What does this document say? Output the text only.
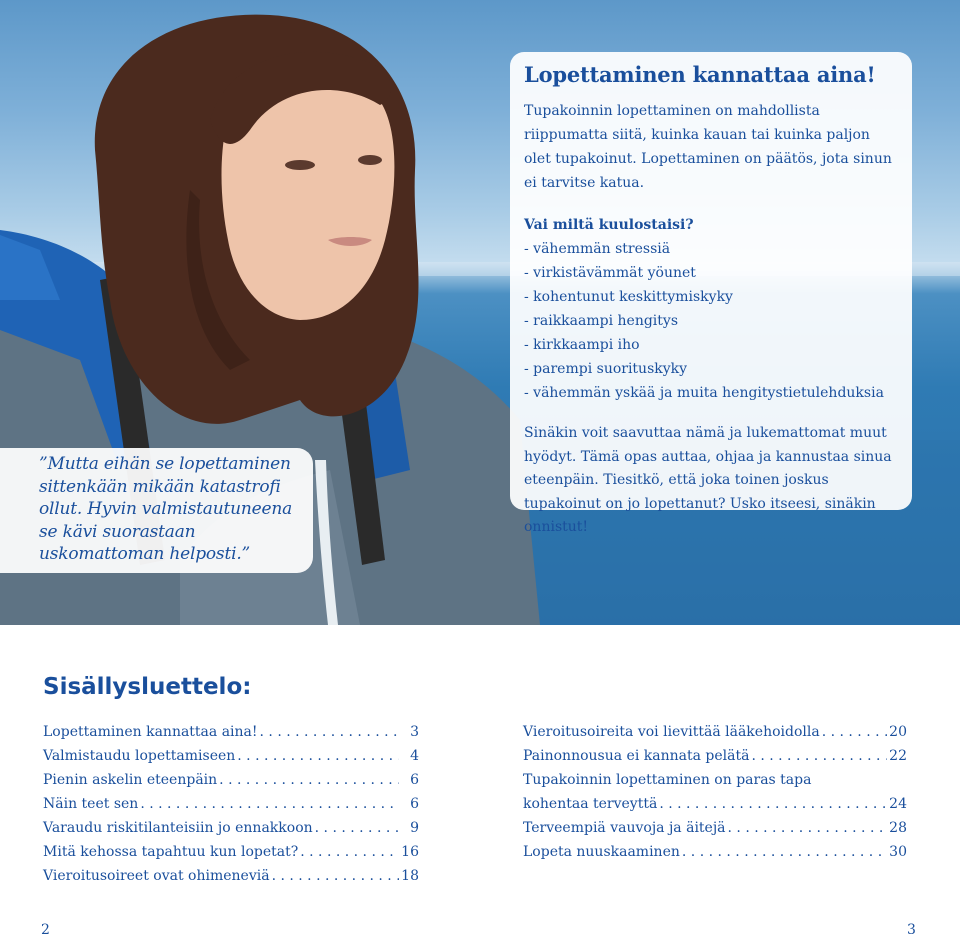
Lopettaminen kannattaa aina!

Tupakoinnin lopettaminen on mahdollista riippumatta siitä, kuinka kauan tai kuinka paljon olet tupakoinut. Lopettaminen on päätös, jota sinun ei tarvitse katua.

Vai miltä kuulostaisi?

- vähemmän stressiä
- virkistävämmät yöunet
- kohentunut keskittymiskyky
- raikkaampi hengitys
- kirkkaampi iho
- parempi suorituskyky
- vähemmän yskää ja muita hengitystietulehduksia

Sinäkin voit saavuttaa nämä ja lukemattomat muut hyödyt. Tämä opas auttaa, ohjaa ja kannustaa sinua eteenpäin. Tiesitkö, että joka toinen joskus tupakoinut on jo lopettanut? Usko itseesi, sinäkin onnistut!

”Mutta eihän se lopettaminen sittenkään mikään katastrofi ollut. Hyvin valmistautuneena se kävi suorastaan uskomattoman helposti.”

Sisällysluettelo:
Lopettaminen kannattaa aina! . . .	3
Valmistaudu lopettamiseen . . .	4
Pienin askelin eteenpäin . . .	6
Näin teet sen . . .	6
Varaudu riskitilanteisiin jo ennakkoon . . .	9
Mitä kehossa tapahtuu kun lopetat? . . .	16
Vieroitusoireet ovat ohimeneviä . . .	18
Vieroitusoireita voi lievittää lääkehoidolla . . .	20
Painonnousua ei kannata pelätä . . .	22
Tupakoinnin lopettaminen on paras tapa
kohentaa terveyttä . . .	24
Terveempiä vauvoja ja äitejä . . .	28
Lopeta nuuskaaminen . . .	30
2	3
